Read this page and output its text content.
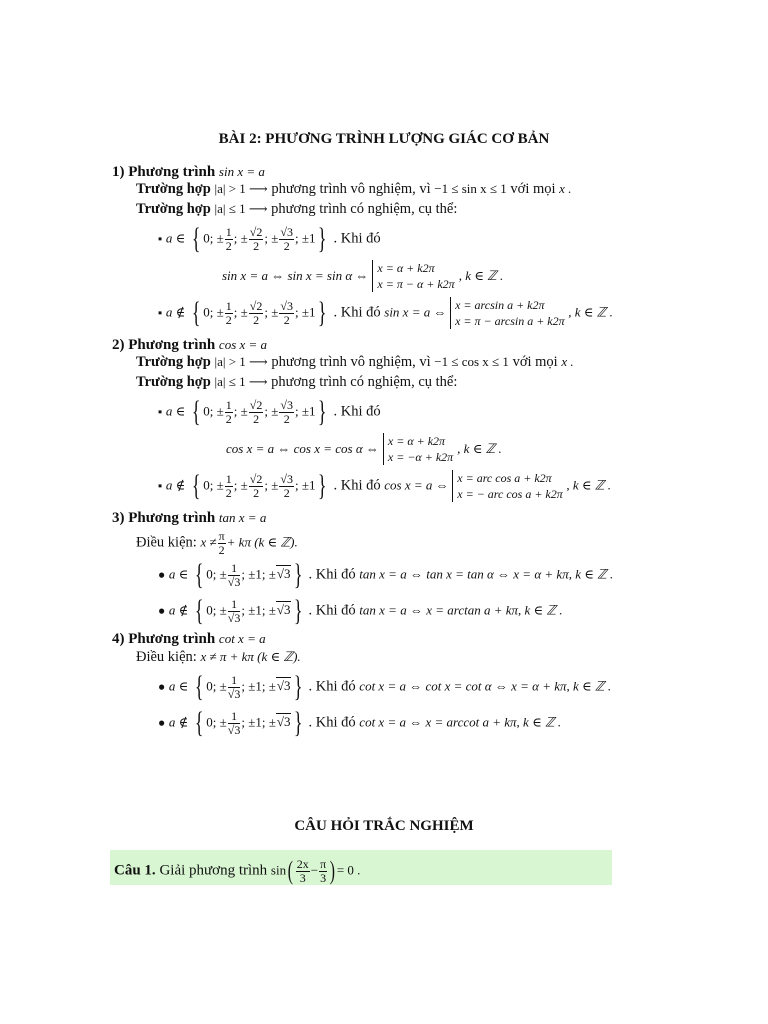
BÀI 2: PHƯƠNG TRÌNH LƯỢNG GIÁC CƠ BẢN
1) Phương trình sin x = a
Trường hợp |a| > 1 ⟶ phương trình vô nghiệm, vì −1 ≤ sin x ≤ 1 với mọi x .
Trường hợp |a| ≤ 1 ⟶ phương trình có nghiệm, cụ thể:
▪ a ∈ { 0; ± $\frac{1}{2}$ ; ± $\frac{√2}{2}$ ; ± $\frac{√3}{2}$ ; ±1} . Khi đó
sin x = a ⇔ sin x = sin α ⇔ x = α + k2π
x = π − α + k2π
, k ∈ ℤ .
▪ a ∉ { 0; ± $\frac{1}{2}$ ; ± $\frac{√2}{2}$ ; ± $\frac{√3}{2}$ ; ±1} . Khi đó sin x = a ⇔ x = arcsin a + k2π
x = π − arcsin a + k2π
, k ∈ ℤ .
2) Phương trình cos x = a
Trường hợp |a| > 1 ⟶ phương trình vô nghiệm, vì −1 ≤ cos x ≤ 1 với mọi x .
Trường hợp |a| ≤ 1 ⟶ phương trình có nghiệm, cụ thể:
▪ a ∈ { 0; ± $\frac{1}{2}$ ; ± $\frac{√2}{2}$ ; ± $\frac{√3}{2}$ ; ±1} . Khi đó
cos x = a ⇔ cos x = cos α ⇔ x = α + k2π
x = −α + k2π
, k ∈ ℤ .
▪ a ∉ { 0; ± $\frac{1}{2}$ ; ± $\frac{√2}{2}$ ; ± $\frac{√3}{2}$ ; ±1} . Khi đó cos x = a ⇔ x = arc cos a + k2π
x = − arc cos a + k2π
, k ∈ ℤ .
3) Phương trình tan x = a
Điều kiện: $x \ne \frac{\pi}{2} + k\pi$ (k ∈ ℤ).
● a ∈ { 0; ± $\frac{1}{√3}$ ; ±1; ±√3} . Khi đó tan x = a ⇔ tan x = tan α ⇔ x = α + kπ, k ∈ ℤ .
● a ∉ { 0; ± $\frac{1}{√3}$ ; ±1; ±√3} . Khi đó tan x = a ⇔ x = arctan a + kπ, k ∈ ℤ .
4) Phương trình cot x = a
Điều kiện: x ≠ π + kπ (k ∈ ℤ).
● a ∈ { 0; ± $\frac{1}{√3}$ ; ±1; ±√3} . Khi đó cot x = a ⇔ cot x = cot α ⇔ x = α + kπ, k ∈ ℤ .
● a ∉ { 0; ± $\frac{1}{√3}$ ; ±1; ±√3} . Khi đó cot x = a ⇔ x = arccot a + kπ, k ∈ ℤ .
CÂU HỎI TRẮC NGHIỆM
Câu 1. Giải phương trình $\sin( \frac{2x}{3} - \frac{\pi}{3}$ ) = 0 .
